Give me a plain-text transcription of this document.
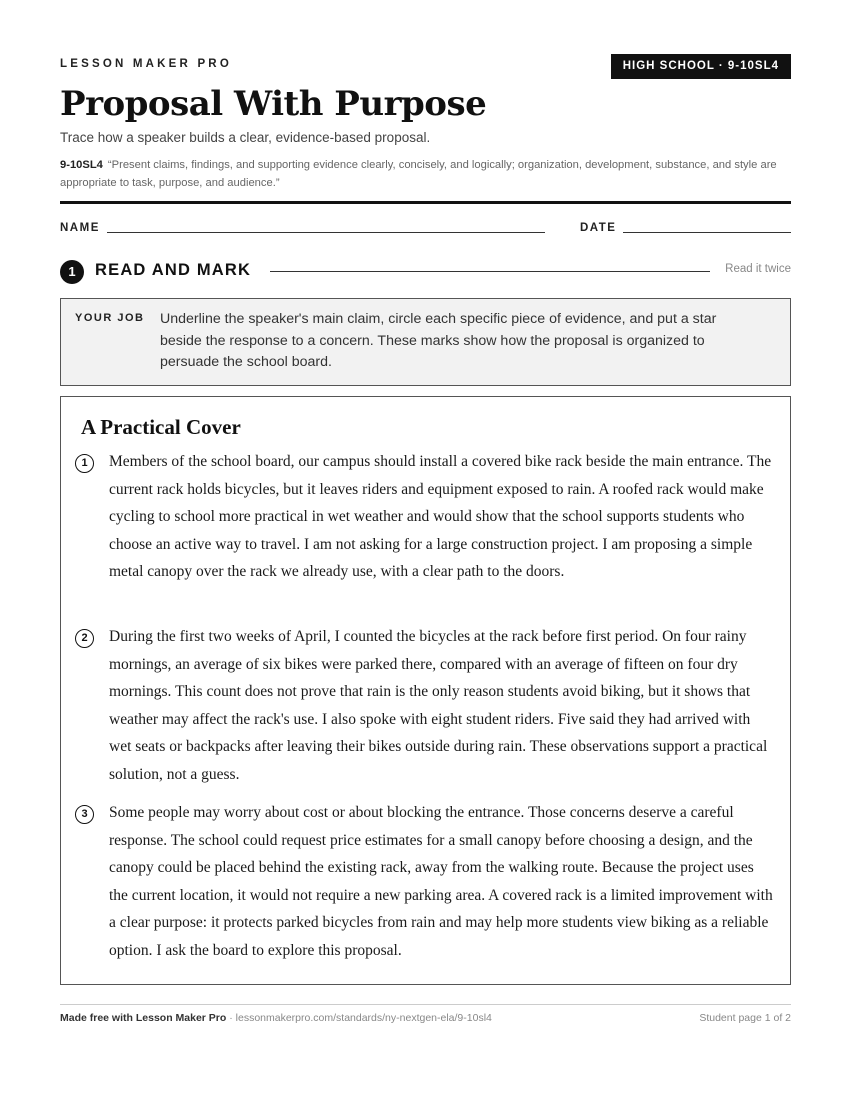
LESSON MAKER PRO	HIGH SCHOOL · 9-10SL4
Proposal With Purpose
Trace how a speaker builds a clear, evidence-based proposal.
9-10SL4 “Present claims, findings, and supporting evidence clearly, concisely, and logically; organization, development, substance, and style are appropriate to task, purpose, and audience.”
NAME	DATE
1	READ AND MARK	Read it twice
YOUR JOB Underline the speaker's main claim, circle each specific piece of evidence, and put a star beside the response to a concern. These marks show how the proposal is organized to persuade the school board.
A Practical Cover
1	Members of the school board, our campus should install a covered bike rack beside the main entrance. The current rack holds bicycles, but it leaves riders and equipment exposed to rain. A roofed rack would make cycling to school more practical in wet weather and would show that the school supports students who choose an active way to travel. I am not asking for a large construction project. I am proposing a simple metal canopy over the rack we already use, with a clear path to the doors.
2	During the first two weeks of April, I counted the bicycles at the rack before first period. On four rainy mornings, an average of six bikes were parked there, compared with an average of fifteen on four dry mornings. This count does not prove that rain is the only reason students avoid biking, but it shows that weather may affect the rack's use. I also spoke with eight student riders. Five said they had arrived with wet seats or backpacks after leaving their bikes outside during rain. These observations support a practical solution, not a guess.
3	Some people may worry about cost or about blocking the entrance. Those concerns deserve a careful response. The school could request price estimates for a small canopy before choosing a design, and the canopy could be placed behind the existing rack, away from the walking route. Because the project uses the current location, it would not require a new parking area. A covered rack is a limited improvement with a clear purpose: it protects parked bicycles from rain and may help more students view biking as a reliable option. I ask the board to explore this proposal.
Made free with Lesson Maker Pro · lessonmakerpro.com/standards/ny-nextgen-ela/9-10sl4	Student page 1 of 2
